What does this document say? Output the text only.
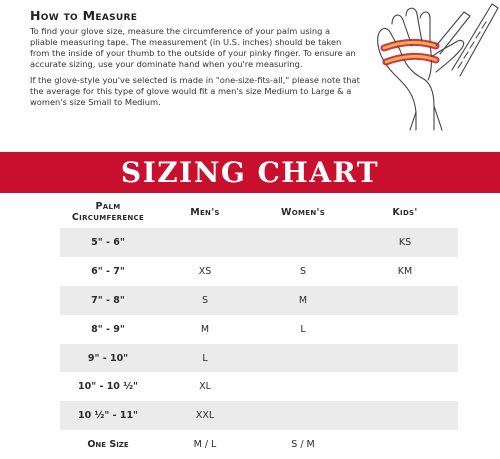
How to Measure

To find your glove size, measure the circumference of your palm using a pliable measuring tape. The measurement (in U.S. inches) should be taken from the inside of your thumb to the outside of your pinky finger. To ensure an accurate sizing, use your dominate hand when you're measuring.

If the glove-style you've selected is made in "one-size-fits-all," please note that the average for this type of glove would fit a men's size Medium to Large & a women's size Small to Medium.

SIZING CHART
Palm Circumference	Men's	Women's	Kids'
5" - 6"			KS
6" - 7"	XS	S	KM
7" - 8"	S	M	
8" - 9"	M	L	
9" - 10"	L		
10" - 10 ½"	XL		
10 ½" - 11"	XXL		
One Size	M / L	S / M	
